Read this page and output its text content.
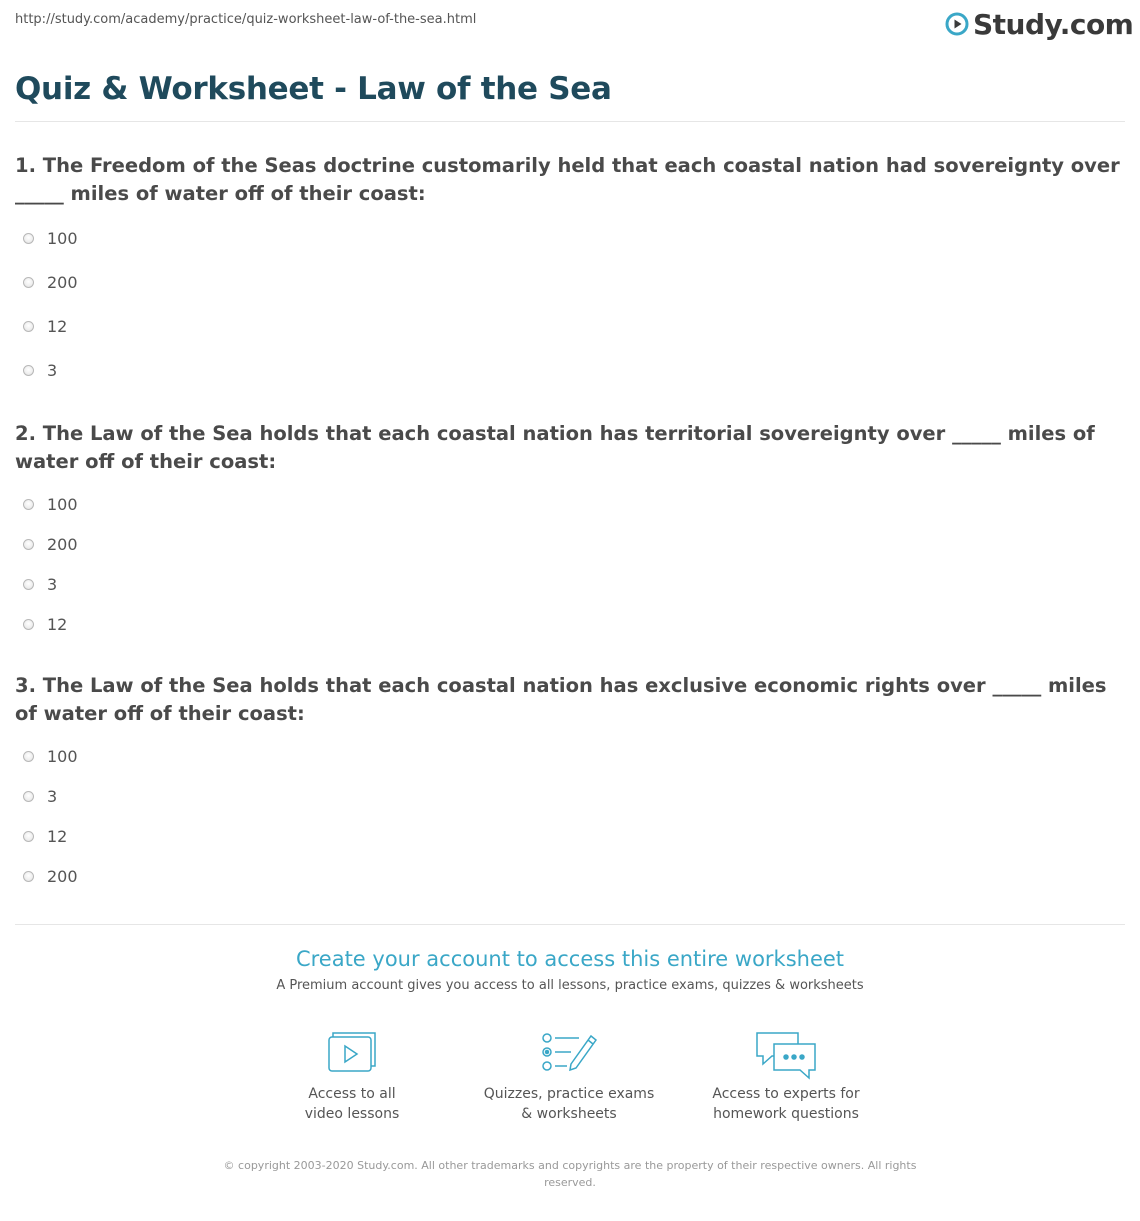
http://study.com/academy/practice/quiz-worksheet-law-of-the-sea.html	Study.com
Quiz & Worksheet - Law of the Sea
1. The Freedom of the Seas doctrine customarily held that each coastal nation had sovereignty over _____ miles of water off of their coast:
100
200
12
3
2. The Law of the Sea holds that each coastal nation has territorial sovereignty over _____ miles of water off of their coast:
100
200
3
12
3. The Law of the Sea holds that each coastal nation has exclusive economic rights over _____ miles of water off of their coast:
100
3
12
200
Create your account to access this entire worksheet
A Premium account gives you access to all lessons, practice exams, quizzes & worksheets
Access to all
video lessons
Quizzes, practice exams
& worksheets
Access to experts for
homework questions
© copyright 2003-2020 Study.com. All other trademarks and copyrights are the property of their respective owners. All rights reserved.
